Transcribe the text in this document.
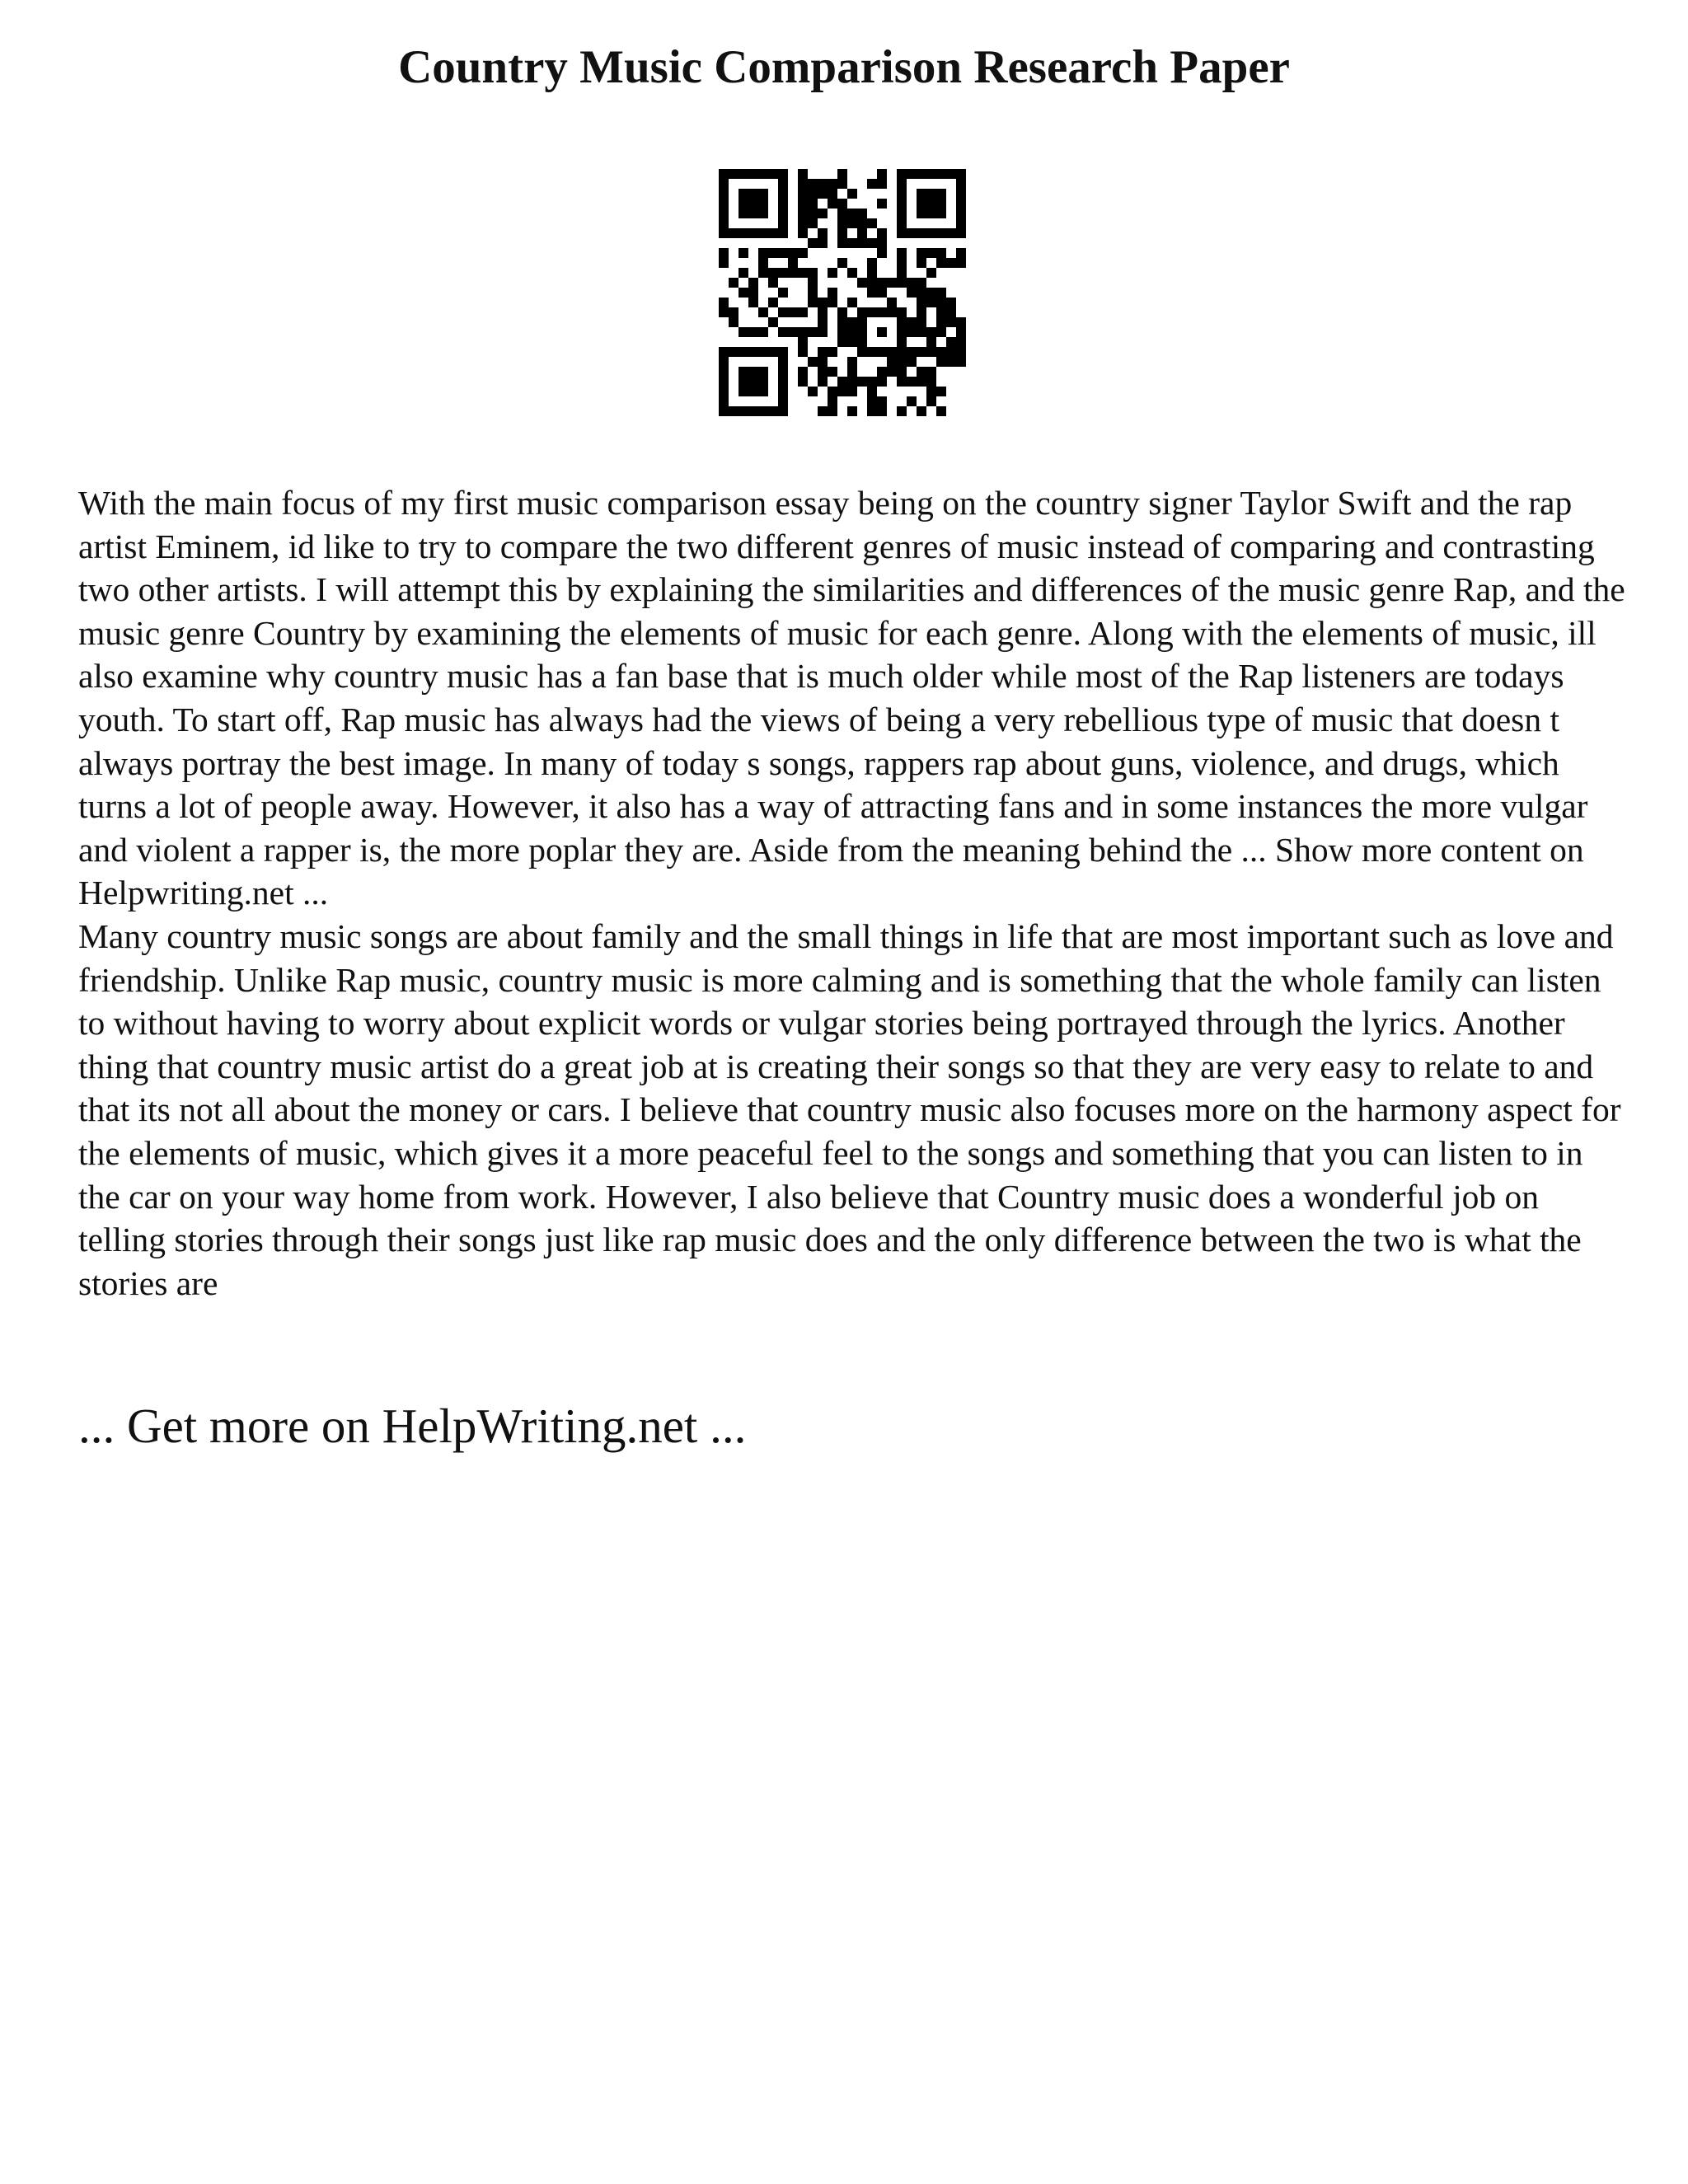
Country Music Comparison Research Paper

With the main focus of my first music comparison essay being on the country signer Taylor Swift and the rap artist Eminem, id like to try to compare the two different genres of music instead of comparing and contrasting two other artists. I will attempt this by explaining the similarities and differences of the music genre Rap, and the music genre Country by examining the elements of music for each genre. Along with the elements of music, ill also examine why country music has a fan base that is much older while most of the Rap listeners are todays youth. To start off, Rap music has always had the views of being a very rebellious type of music that doesn t always portray the best image. In many of today s songs, rappers rap about guns, violence, and drugs, which turns a lot of people away. However, it also has a way of attracting fans and in some instances the more vulgar and violent a rapper is, the more poplar they are. Aside from the meaning behind the ... Show more content on Helpwriting.net ...

Many country music songs are about family and the small things in life that are most important such as love and friendship. Unlike Rap music, country music is more calming and is something that the whole family can listen to without having to worry about explicit words or vulgar stories being portrayed through the lyrics. Another thing that country music artist do a great job at is creating their songs so that they are very easy to relate to and that its not all about the money or cars. I believe that country music also focuses more on the harmony aspect for the elements of music, which gives it a more peaceful feel to the songs and something that you can listen to in the car on your way home from work. However, I also believe that Country music does a wonderful job on telling stories through their songs just like rap music does and the only difference between the two is what the stories are

... Get more on HelpWriting.net ...
